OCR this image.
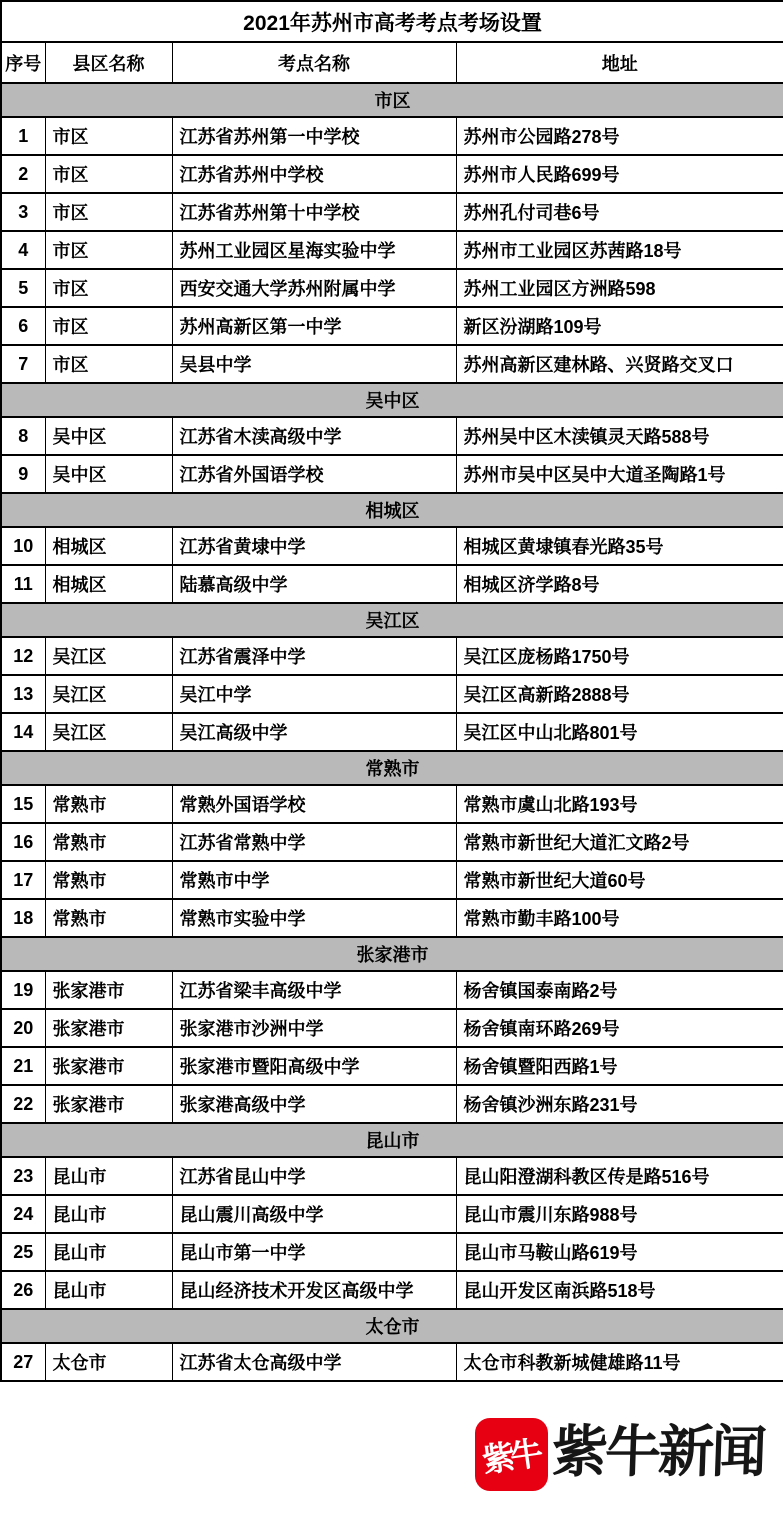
2021年苏州市高考考点考场设置			
序号	县区名称	考点名称	地址
市区			
1	市区	江苏省苏州第一中学校	苏州市公园路278号
2	市区	江苏省苏州中学校	苏州市人民路699号
3	市区	江苏省苏州第十中学校	苏州孔付司巷6号
4	市区	苏州工业园区星海实验中学	苏州市工业园区苏茜路18号
5	市区	西安交通大学苏州附属中学	苏州工业园区方洲路598
6	市区	苏州高新区第一中学	新区汾湖路109号
7	市区	吴县中学	苏州高新区建林路、兴贤路交叉口
吴中区			
8	吴中区	江苏省木渎高级中学	苏州吴中区木渎镇灵天路588号
9	吴中区	江苏省外国语学校	苏州市吴中区吴中大道圣陶路1号
相城区			
10	相城区	江苏省黄埭中学	相城区黄埭镇春光路35号
11	相城区	陆慕高级中学	相城区济学路8号
吴江区			
12	吴江区	江苏省震泽中学	吴江区庞杨路1750号
13	吴江区	吴江中学	吴江区高新路2888号
14	吴江区	吴江高级中学	吴江区中山北路801号
常熟市			
15	常熟市	常熟外国语学校	常熟市虞山北路193号
16	常熟市	江苏省常熟中学	常熟市新世纪大道汇文路2号
17	常熟市	常熟市中学	常熟市新世纪大道60号
18	常熟市	常熟市实验中学	常熟市勤丰路100号
张家港市			
19	张家港市	江苏省梁丰高级中学	杨舍镇国泰南路2号
20	张家港市	张家港市沙洲中学	杨舍镇南环路269号
21	张家港市	张家港市暨阳高级中学	杨舍镇暨阳西路1号
22	张家港市	张家港高级中学	杨舍镇沙洲东路231号
昆山市			
23	昆山市	江苏省昆山中学	昆山阳澄湖科教区传是路516号
24	昆山市	昆山震川高级中学	昆山市震川东路988号
25	昆山市	昆山市第一中学	昆山市马鞍山路619号
26	昆山市	昆山经济技术开发区高级中学	昆山开发区南浜路518号
太仓市			
27	太仓市	江苏省太仓高级中学	太仓市科教新城健雄路11号
紫牛 紫牛新闻
